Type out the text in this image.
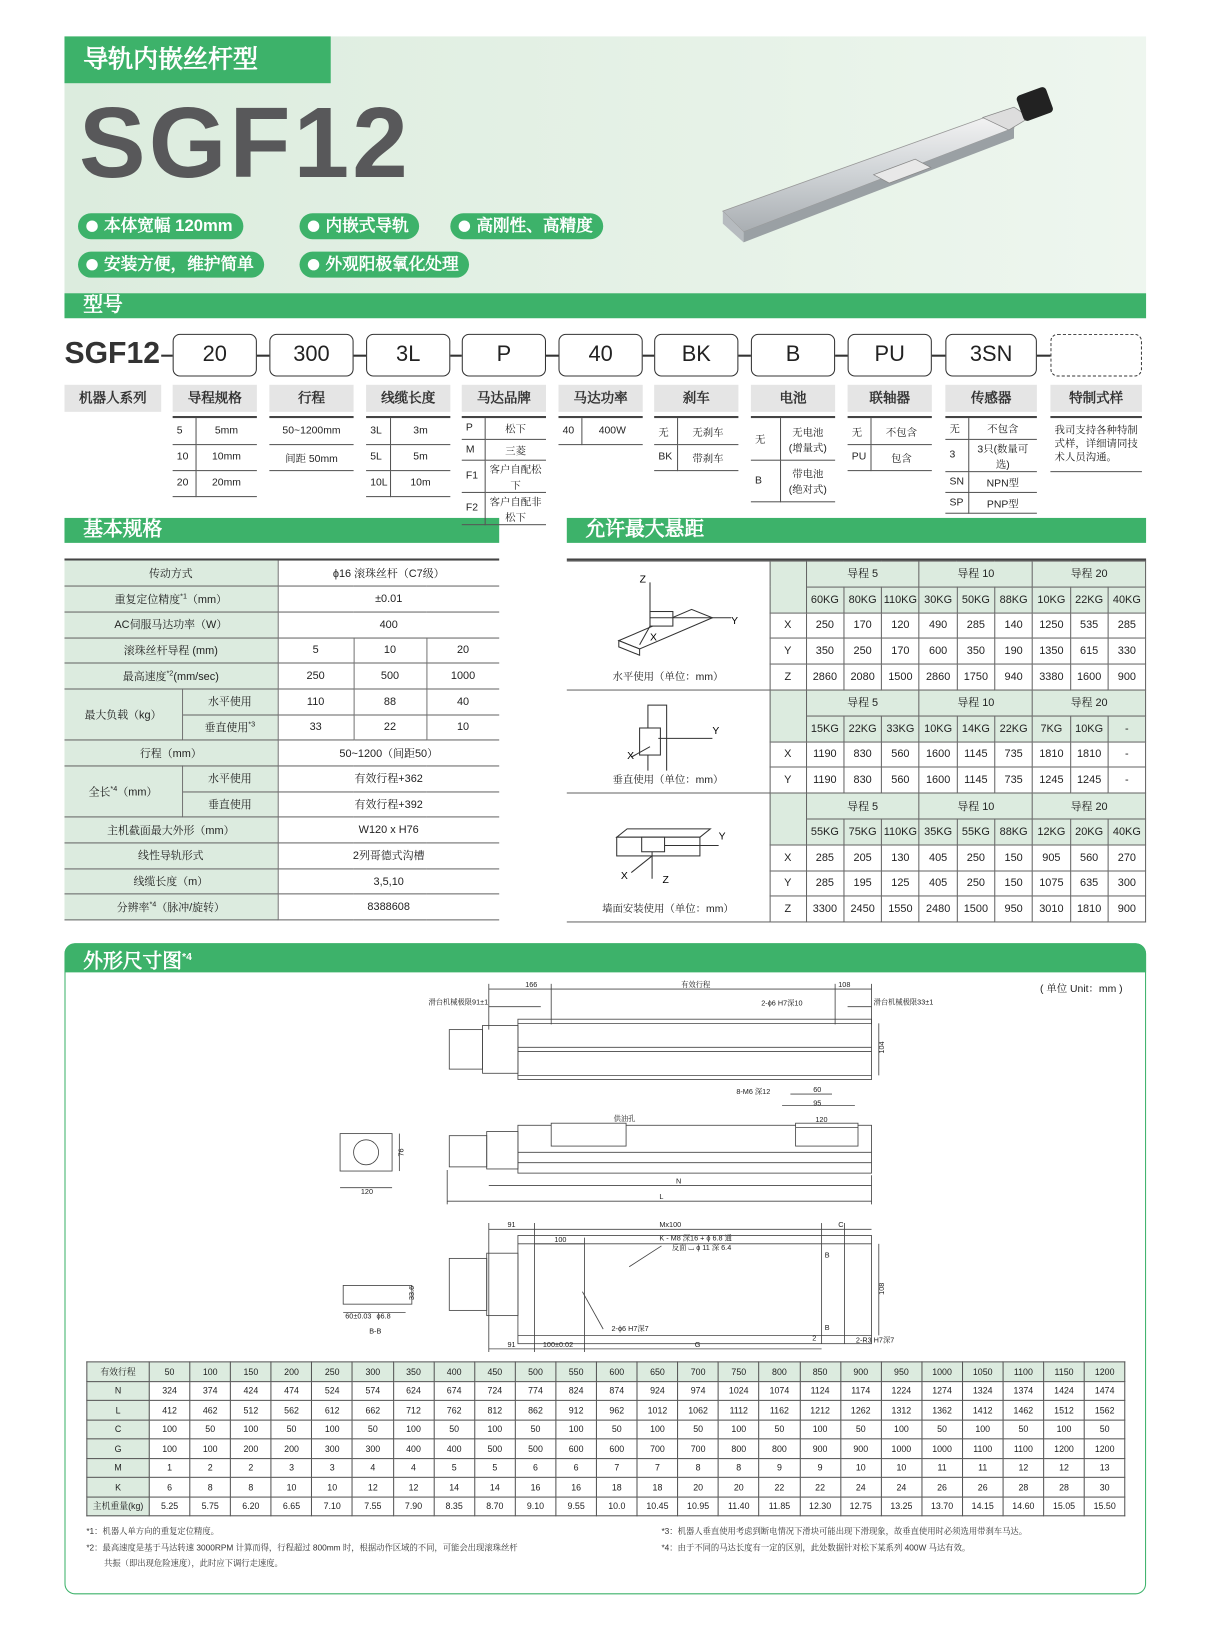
导轨内嵌丝杆型
SGF12
本体宽幅 120mm	内嵌式导轨	高刚性、高精度
安装方便，维护简单	外观阳极氧化处理
型号
SGF12
基本规格	允许最大悬距
传动方式		ϕ16 滚珠丝杆（C7级）		
重复定位精度$^{*1}$（mm）		±0.01		
AC伺服马达功率（W）		400		
滚珠丝杆导程 (mm)		5	10	20
最高速度$^{*2}$(mm/sec)		250	500	1000
最大负载（kg）	水平使用	110	88	40
	垂直使用$^{*3}$	33	22	10
行程（mm）		50~1200（间距50）		
全长$^{*4}$（mm）	水平使用	有效行程+362		
	垂直使用	有效行程+392		
主机截面最大外形（mm）		W120 x H76		
线性导轨形式		2列哥德式沟槽		
线缆长度（m）		3,5,10		
分辨率$^{*4}$（脉冲/旋转）		8388608		
Z
Y
X
水平使用（单位：mm）		导程 5			导程 10			导程 20		
		60KG	80KG	110KG	30KG	50KG	88KG	10KG	22KG	40KG
	X	250	170	120	490	285	140	1250	535	285
	Y	350	250	170	600	350	190	1350	615	330
	Z	2860	2080	1500	2860	1750	940	3380	1600	900

Y
X
垂直使用（单位：mm）		导程 5			导程 10			导程 20		
		15KG	22KG	33KG	10KG	14KG	22KG	7KG	10KG	-
	X	1190	830	560	1600	1145	735	1810	1810	-
	Y	1190	830	560	1600	1145	735	1245	1245	-

Y
X Z
墙面安装使用（单位：mm）		导程 5			导程 10			导程 20		
		55KG	75KG	110KG	35KG	55KG	88KG	12KG	20KG	40KG
	X	285	205	130	405	250	150	905	560	270
	Y	285	195	125	405	250	150	1075	635	300
	Z	3300	2450	1550	2480	1500	950	3010	1810	900
外形尺寸图$^{*4}$
( 单位 Unit：mm )
166	有效行程	108
滑台机械极限91±1	滑台机械极限33±1
2-ϕ6 H7深10
104
8-M6 深12	60
95
供油孔	120
76
120
N
L
91	Mx100	C
100	K - M8 深16 + ϕ 6.8 通
反面 ⌴ ϕ 11 深 6.4
B
108
2-ϕ6 H7深7
2-R3 H7深7
91	100±0.02	G
2
B
60±0.03 ϕ6.8
33.6
B-B
有效行程	50	100	150	200	250	300	350	400	450	500	550	600	650	700	750	800	850	900	950	1000	1050	1100	1150	1200
N	324	374	424	474	524	574	624	674	724	774	824	874	924	974	1024	1074	1124	1174	1224	1274	1324	1374	1424	1474
L	412	462	512	562	612	662	712	762	812	862	912	962	1012	1062	1112	1162	1212	1262	1312	1362	1412	1462	1512	1562
C	100	50	100	50	100	50	100	50	100	50	100	50	100	50	100	50	100	50	100	50	100	50	100	50
G	100	100	200	200	300	300	400	400	500	500	600	600	700	700	800	800	900	900	1000	1000	1100	1100	1200	1200
M	1	2	2	3	3	4	4	5	5	6	6	7	7	8	8	9	9	10	10	11	11	12	12	13
K	6	8	8	10	10	12	12	14	14	16	16	18	18	20	20	22	22	24	24	26	26	28	28	30
主机重量(kg)	5.25	5.75	6.20	6.65	7.10	7.55	7.90	8.35	8.70	9.10	9.55	10.0	10.45	10.95	11.40	11.85	12.30	12.75	13.25	13.70	14.15	14.60	15.05	15.50
*1：机器人单方向的重复定位精度。
*2：最高速度是基于马达转速 3000RPM 计算而得，行程超过 800mm 时，根据动作区域的不同，可能会出现滚珠丝杆
共振（即出现危险速度），此时应下调行走速度。
*3：机器人垂直使用考虑到断电情况下滑块可能出现下滑现象，故垂直使用时必须选用带刹车马达。
*4：由于不同的马达长度有一定的区别，此处数据针对松下某系列 400W 马达有效。
20	300	3L	P	40	BK	B	PU	3SN
机器人系列	导程规格	行程	线缆长度	马达品牌	马达功率	刹车	电池	联轴器	传感器	特制式样
5	5mm
10	10mm
20	20mm
50~1200mm
间距 50mm
3L	3m
5L	5m
10L	10m
P	松下
M	三菱
F1	客户自配松下
F2	客户自配非松下
40	400W	无	无刹车
BK	带刹车
无	无电池
(增量式)
B	带电池
(绝对式)
无	不包含
PU	包含
无	不包含
3	3只(数量可选)
SN	NPN型
SP	PNP型
我司支持各种特制式样，详细请同技术人员沟通。
